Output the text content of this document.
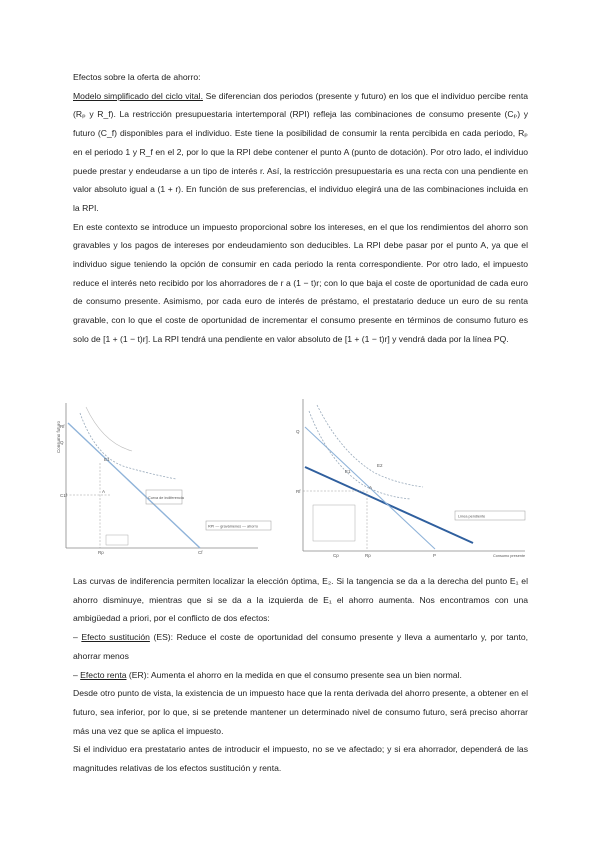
Efectos sobre la oferta de ahorro:

Modelo simplificado del ciclo vital. Se diferencian dos periodos (presente y futuro) en los que el individuo percibe renta (Rₚ y R_f). La restricción presupuestaria intertemporal (RPI) refleja las combinaciones de consumo presente (Cₚ) y futuro (C_f) disponibles para el individuo. Este tiene la posibilidad de consumir la renta percibida en cada periodo, Rₚ en el periodo 1 y R_f en el 2, por lo que la RPI debe contener el punto A (punto de dotación). Por otro lado, el individuo puede prestar y endeudarse a un tipo de interés r. Así, la restricción presupuestaria es una recta con una pendiente en valor absoluto igual a (1 + r). En función de sus preferencias, el individuo elegirá una de las combinaciones incluida en la RPI.

En este contexto se introduce un impuesto proporcional sobre los intereses, en el que los rendimientos del ahorro son gravables y los pagos de intereses por endeudamiento son deducibles. La RPI debe pasar por el punto A, ya que el individuo sigue teniendo la opción de consumir en cada periodo la renta correspondiente. Por otro lado, el impuesto reduce el interés neto recibido por los ahorradores de r a (1 − t)r; con lo que baja el coste de oportunidad de cada euro de consumo presente. Asimismo, por cada euro de interés de préstamo, el prestatario deduce un euro de su renta gravable, con lo que el coste de oportunidad de incrementar el consumo presente en términos de consumo futuro es solo de [1 + (1 − t)r]. La RPI tendrá una pendiente en valor absoluto de [1 + (1 − t)r] y vendrá dada por la línea PQ.

Consumo futuro
Curva de indiferencia
RPI — gravámenes — ahorro
Rf
Q
E1
C1f
A
Rp	Cf
Línea pendiente
Consumo presente
Q
E1
E2
A
Rf
P
Cp	Rp

Las curvas de indiferencia permiten localizar la elección óptima, E₂. Si la tangencia se da a la derecha del punto E₁ el ahorro disminuye, mientras que si se da a la izquierda de E₁ el ahorro aumenta. Nos encontramos con una ambigüedad a priori, por el conflicto de dos efectos:

– Efecto sustitución (ES): Reduce el coste de oportunidad del consumo presente y lleva a aumentarlo y, por tanto, ahorrar menos

– Efecto renta (ER): Aumenta el ahorro en la medida en que el consumo presente sea un bien normal.

Desde otro punto de vista, la existencia de un impuesto hace que la renta derivada del ahorro presente, a obtener en el futuro, sea inferior, por lo que, si se pretende mantener un determinado nivel de consumo futuro, será preciso ahorrar más una vez que se aplica el impuesto.

Si el individuo era prestatario antes de introducir el impuesto, no se ve afectado; y si era ahorrador, dependerá de las magnitudes relativas de los efectos sustitución y renta.
